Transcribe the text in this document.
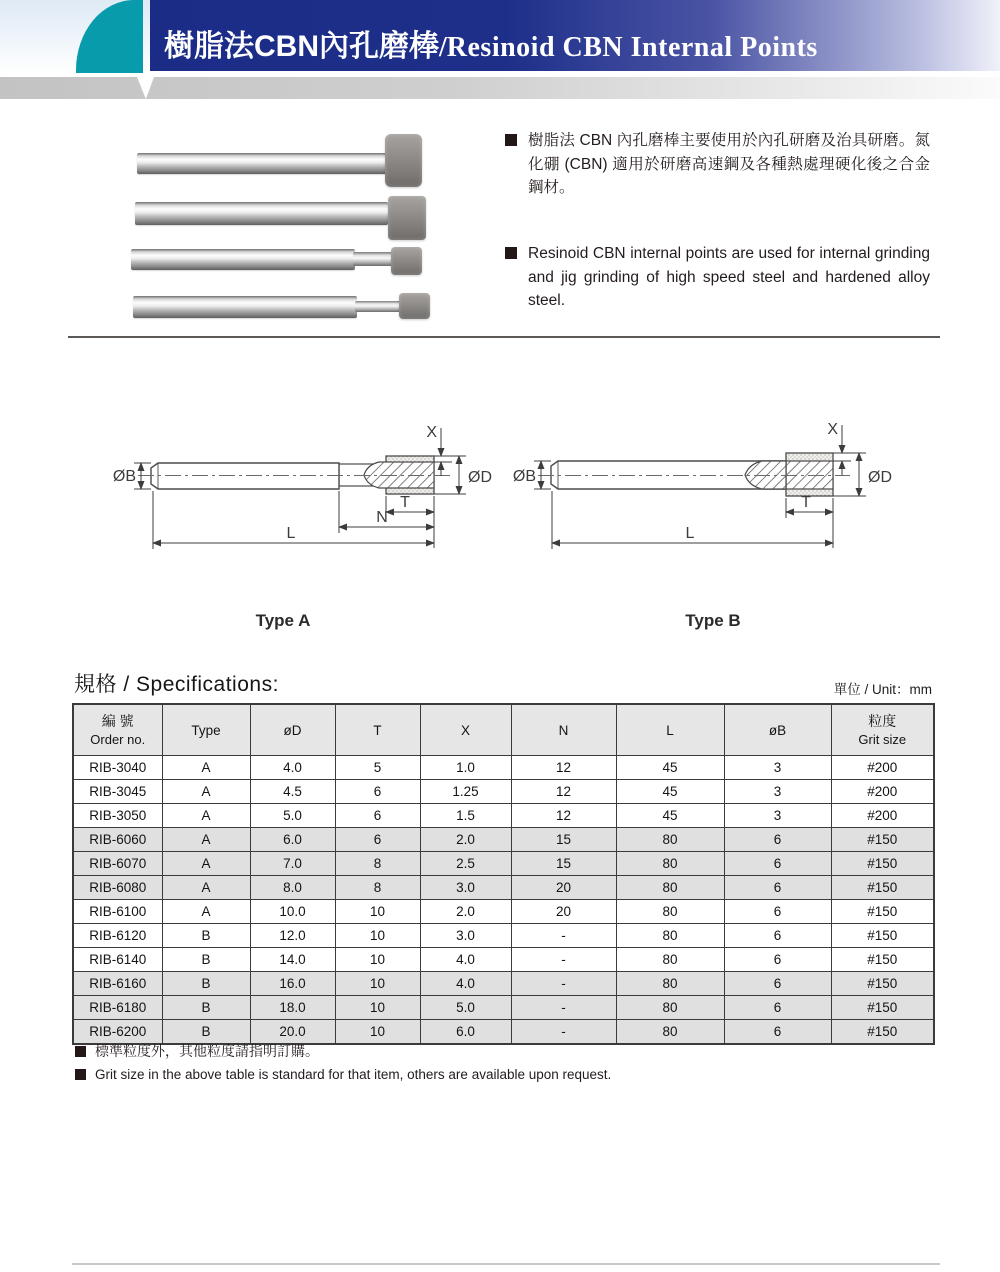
樹脂法CBN內孔磨棒 / Resinoid CBN Internal Points
樹脂法 CBN 內孔磨棒主要使用於內孔研磨及治具研磨。氮化硼 (CBN) 適用於研磨高速鋼及各種熱處理硬化後之合金鋼材。
Resinoid CBN internal points are used for internal grinding and jig grinding of high speed steel and hardened alloy steel.
ØB
X
ØD
T
N
L
Type A
ØB
X
ØD
T
L
Type B
規格 / Specifications:	單位 / Unit：mm
編 號
Order no.	Type	øD	T	X	N	L	øB	粒度
Grit size

RIB-3040	A	4.0	5	1.0	12	45	3	#200
RIB-3045	A	4.5	6	1.25	12	45	3	#200
RIB-3050	A	5.0	6	1.5	12	45	3	#200
RIB-6060	A	6.0	6	2.0	15	80	6	#150
RIB-6070	A	7.0	8	2.5	15	80	6	#150
RIB-6080	A	8.0	8	3.0	20	80	6	#150
RIB-6100	A	10.0	10	2.0	20	80	6	#150
RIB-6120	B	12.0	10	3.0	-	80	6	#150
RIB-6140	B	14.0	10	4.0	-	80	6	#150
RIB-6160	B	16.0	10	4.0	-	80	6	#150
RIB-6180	B	18.0	10	5.0	-	80	6	#150
RIB-6200	B	20.0	10	6.0	-	80	6	#150
標準粒度外，其他粒度請指明訂購。
Grit size in the above table is standard for that item, others are available upon request.
